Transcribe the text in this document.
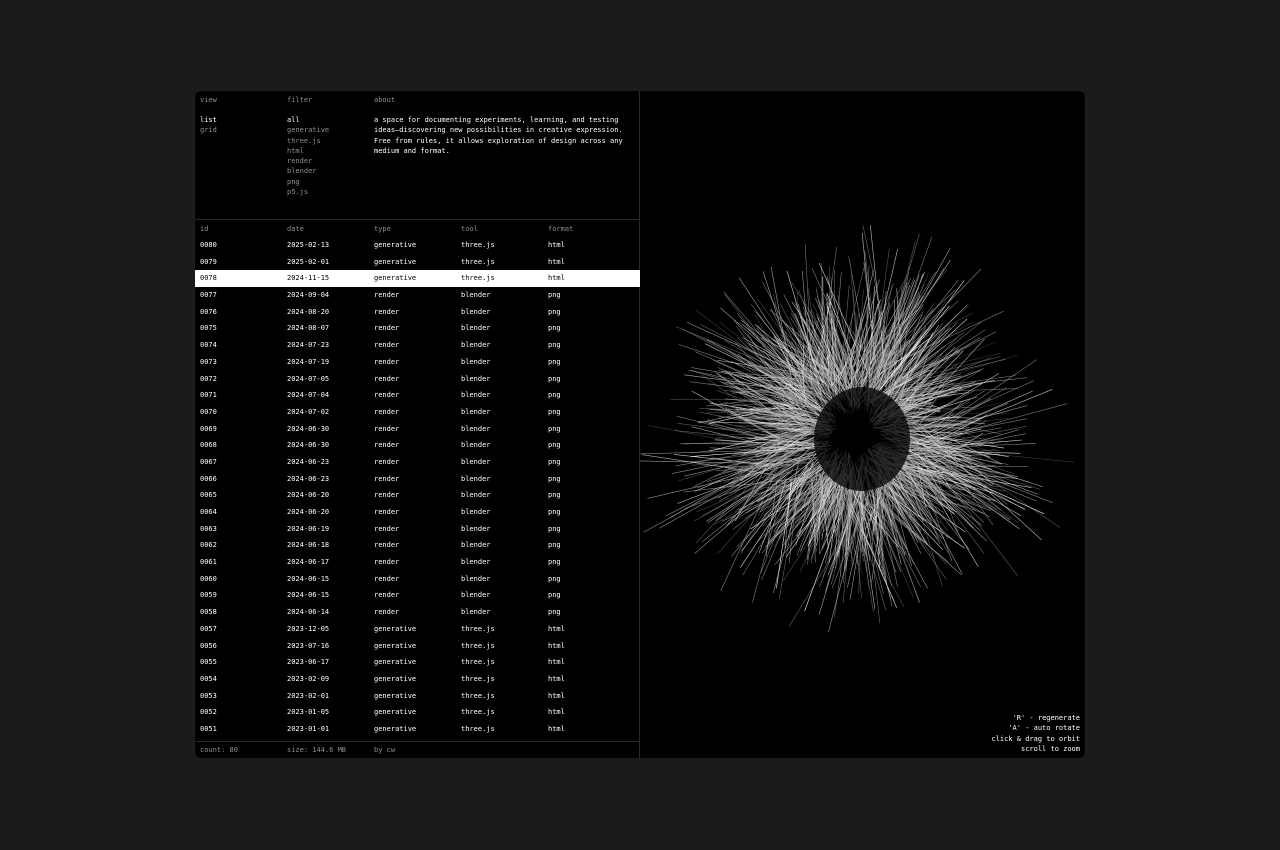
view
list
grid
filter
all
generative
three.js
html
render
blender
png
p5.js
about
a space for documenting experiments, learning, and testing ideas—discovering new possibilities in creative expression. Free from rules, it allows exploration of design across any medium and format.
id	date	type	tool	format
0080	2025-02-13	generative	three.js	html
0079	2025-02-01	generative	three.js	html
0078	2024-11-15	generative	three.js	html
0077	2024-09-04	render	blender	png
0076	2024-08-20	render	blender	png
0075	2024-08-07	render	blender	png
0074	2024-07-23	render	blender	png
0073	2024-07-19	render	blender	png
0072	2024-07-05	render	blender	png
0071	2024-07-04	render	blender	png
0070	2024-07-02	render	blender	png
0069	2024-06-30	render	blender	png
0068	2024-06-30	render	blender	png
0067	2024-06-23	render	blender	png
0066	2024-06-23	render	blender	png
0065	2024-06-20	render	blender	png
0064	2024-06-20	render	blender	png
0063	2024-06-19	render	blender	png
0062	2024-06-18	render	blender	png
0061	2024-06-17	render	blender	png
0060	2024-06-15	render	blender	png
0059	2024-06-15	render	blender	png
0058	2024-06-14	render	blender	png
0057	2023-12-05	generative	three.js	html
0056	2023-07-16	generative	three.js	html
0055	2023-06-17	generative	three.js	html
0054	2023-02-09	generative	three.js	html
0053	2023-02-01	generative	three.js	html
0052	2023-01-05	generative	three.js	html
0051	2023-01-01	generative	three.js	html
count: 80	size: 144.6 MB	by cw
'R' - regenerate
'A' - auto rotate
click & drag to orbit
scroll to zoom
